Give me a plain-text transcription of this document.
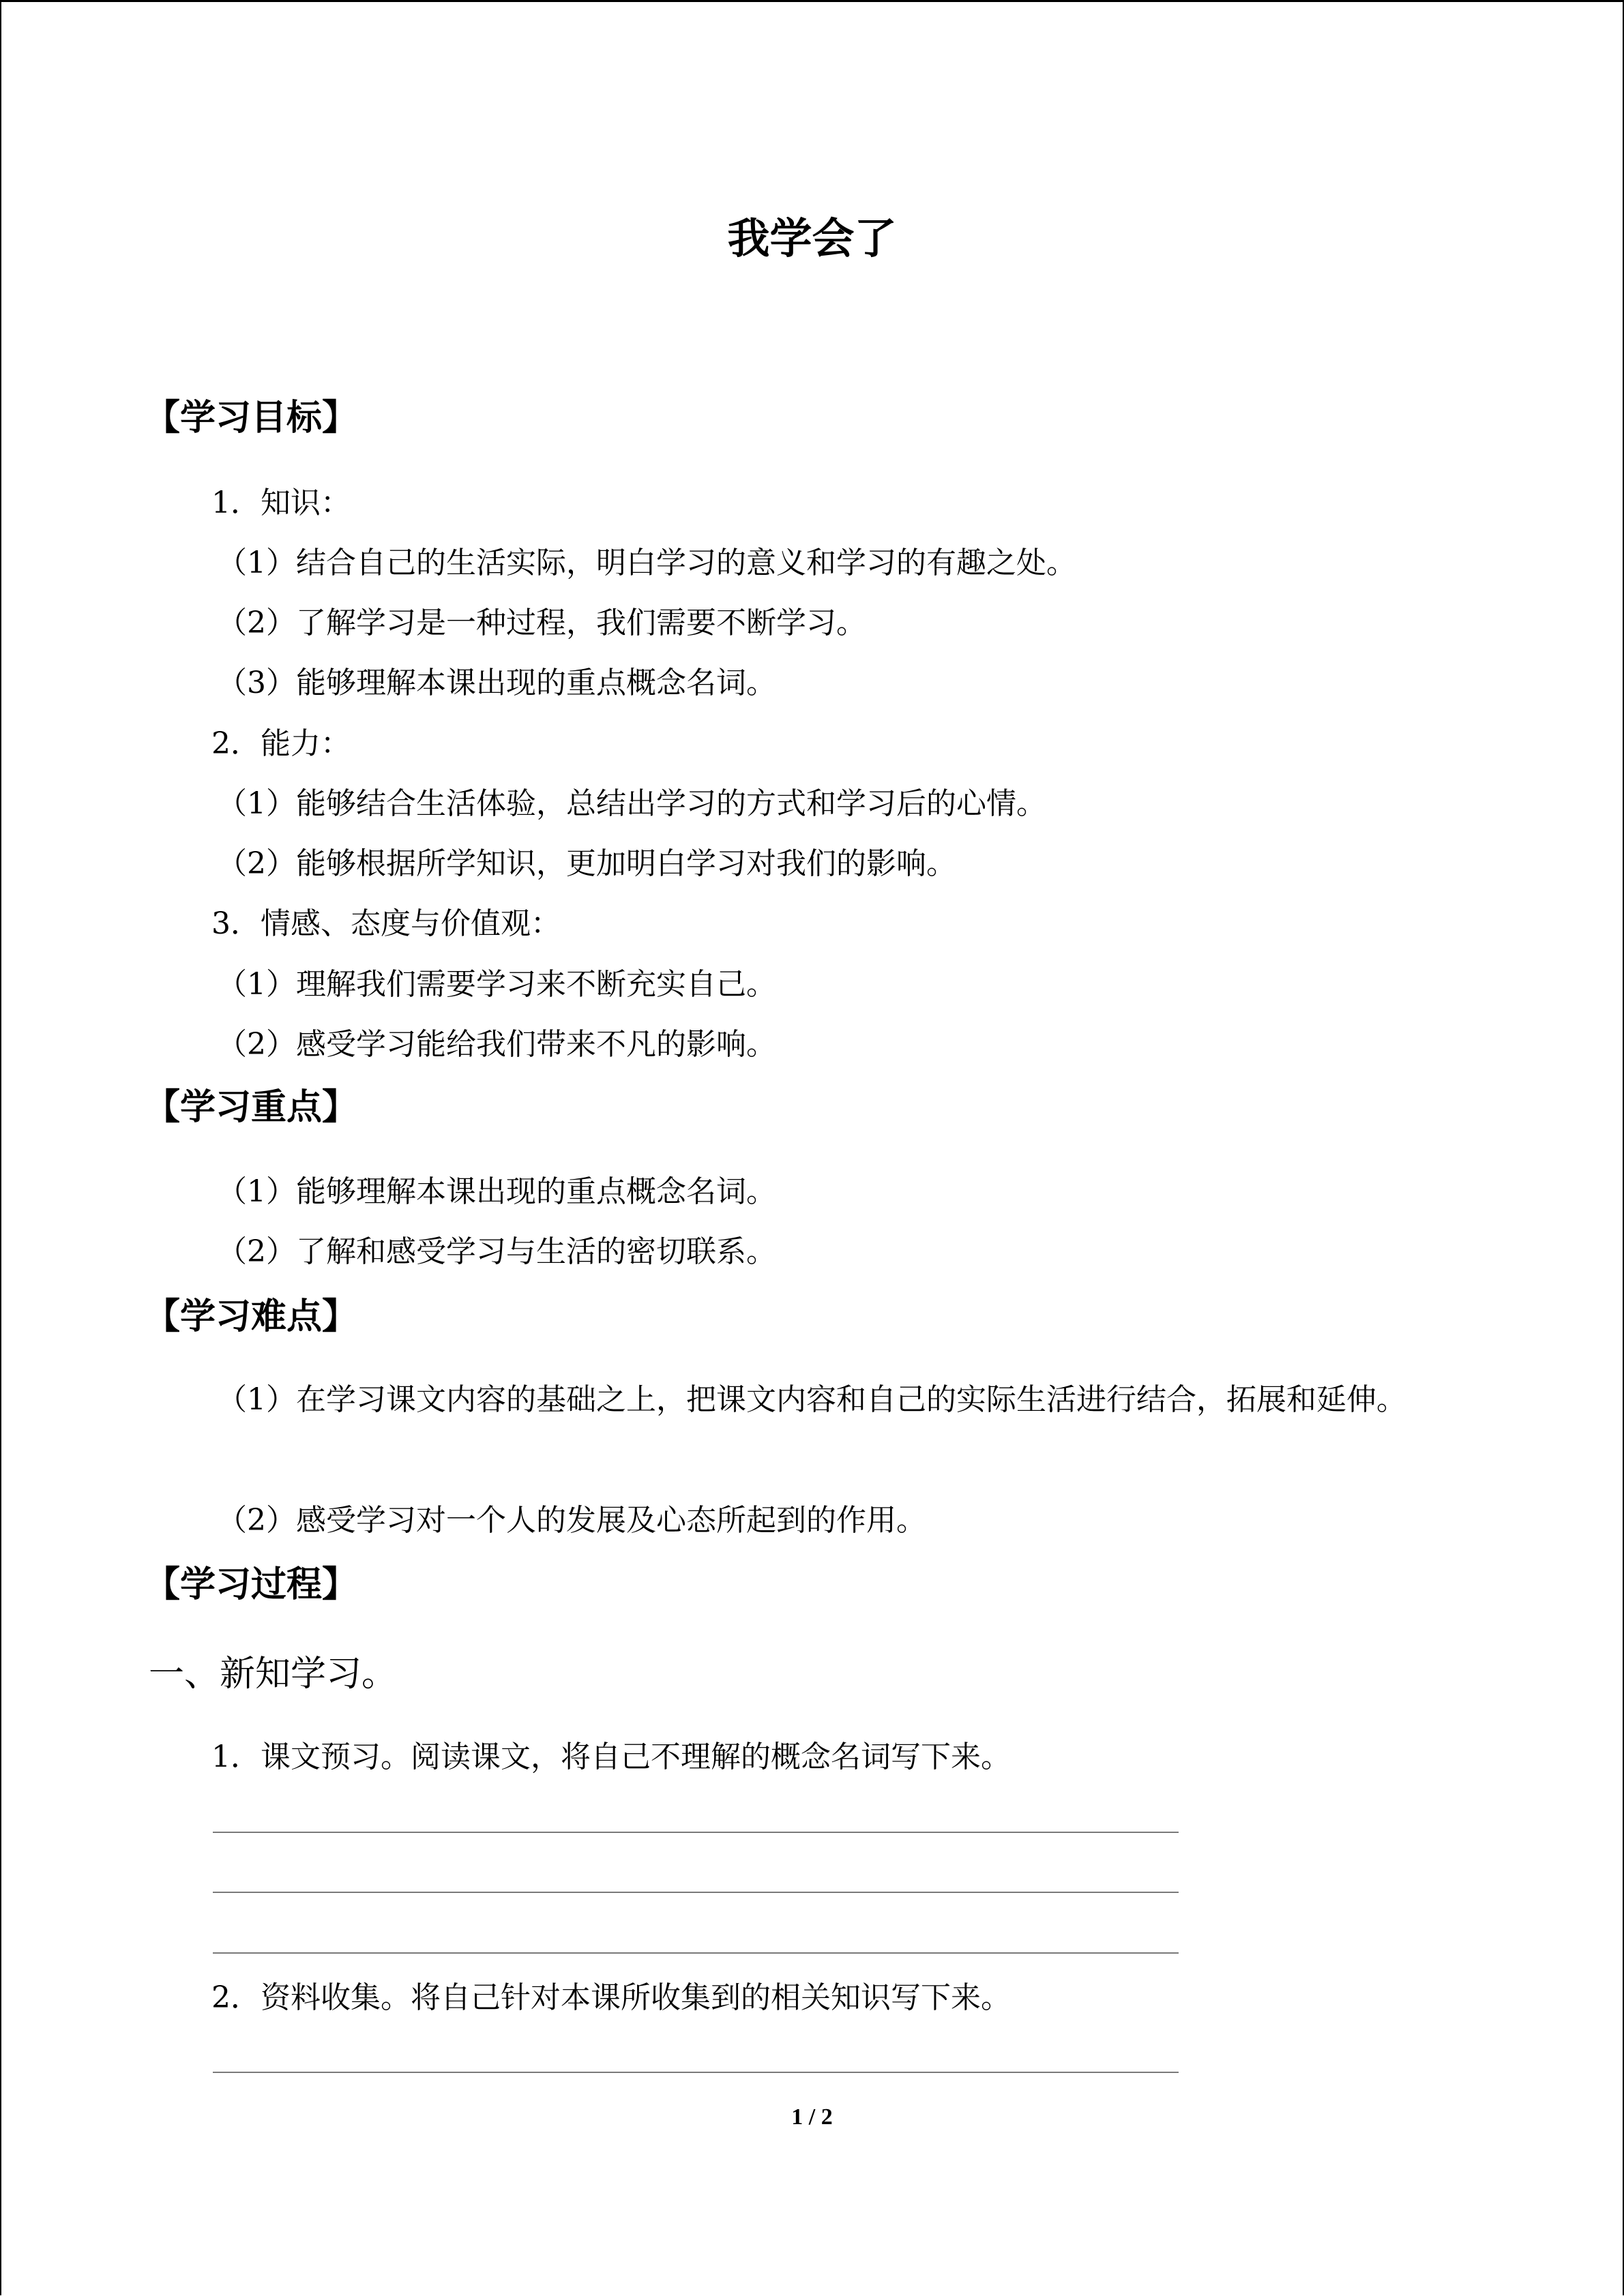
我学会了
【学习目标】
1．知识：
（1）结合自己的生活实际，明白学习的意义和学习的有趣之处。
（2）了解学习是一种过程，我们需要不断学习。
（3）能够理解本课出现的重点概念名词。
2．能力：
（1）能够结合生活体验，总结出学习的方式和学习后的心情。
（2）能够根据所学知识，更加明白学习对我们的影响。
3．情感、态度与价值观：
（1）理解我们需要学习来不断充实自己。
（2）感受学习能给我们带来不凡的影响。
【学习重点】
（1）能够理解本课出现的重点概念名词。
（2）了解和感受学习与生活的密切联系。
【学习难点】
（1）在学习课文内容的基础之上，把课文内容和自己的实际生活进行结合，拓展和延伸。
（2）感受学习对一个人的发展及心态所起到的作用。
【学习过程】
一、新知学习。
1．课文预习。阅读课文，将自己不理解的概念名词写下来。
2．资料收集。将自己针对本课所收集到的相关知识写下来。
1 / 2
